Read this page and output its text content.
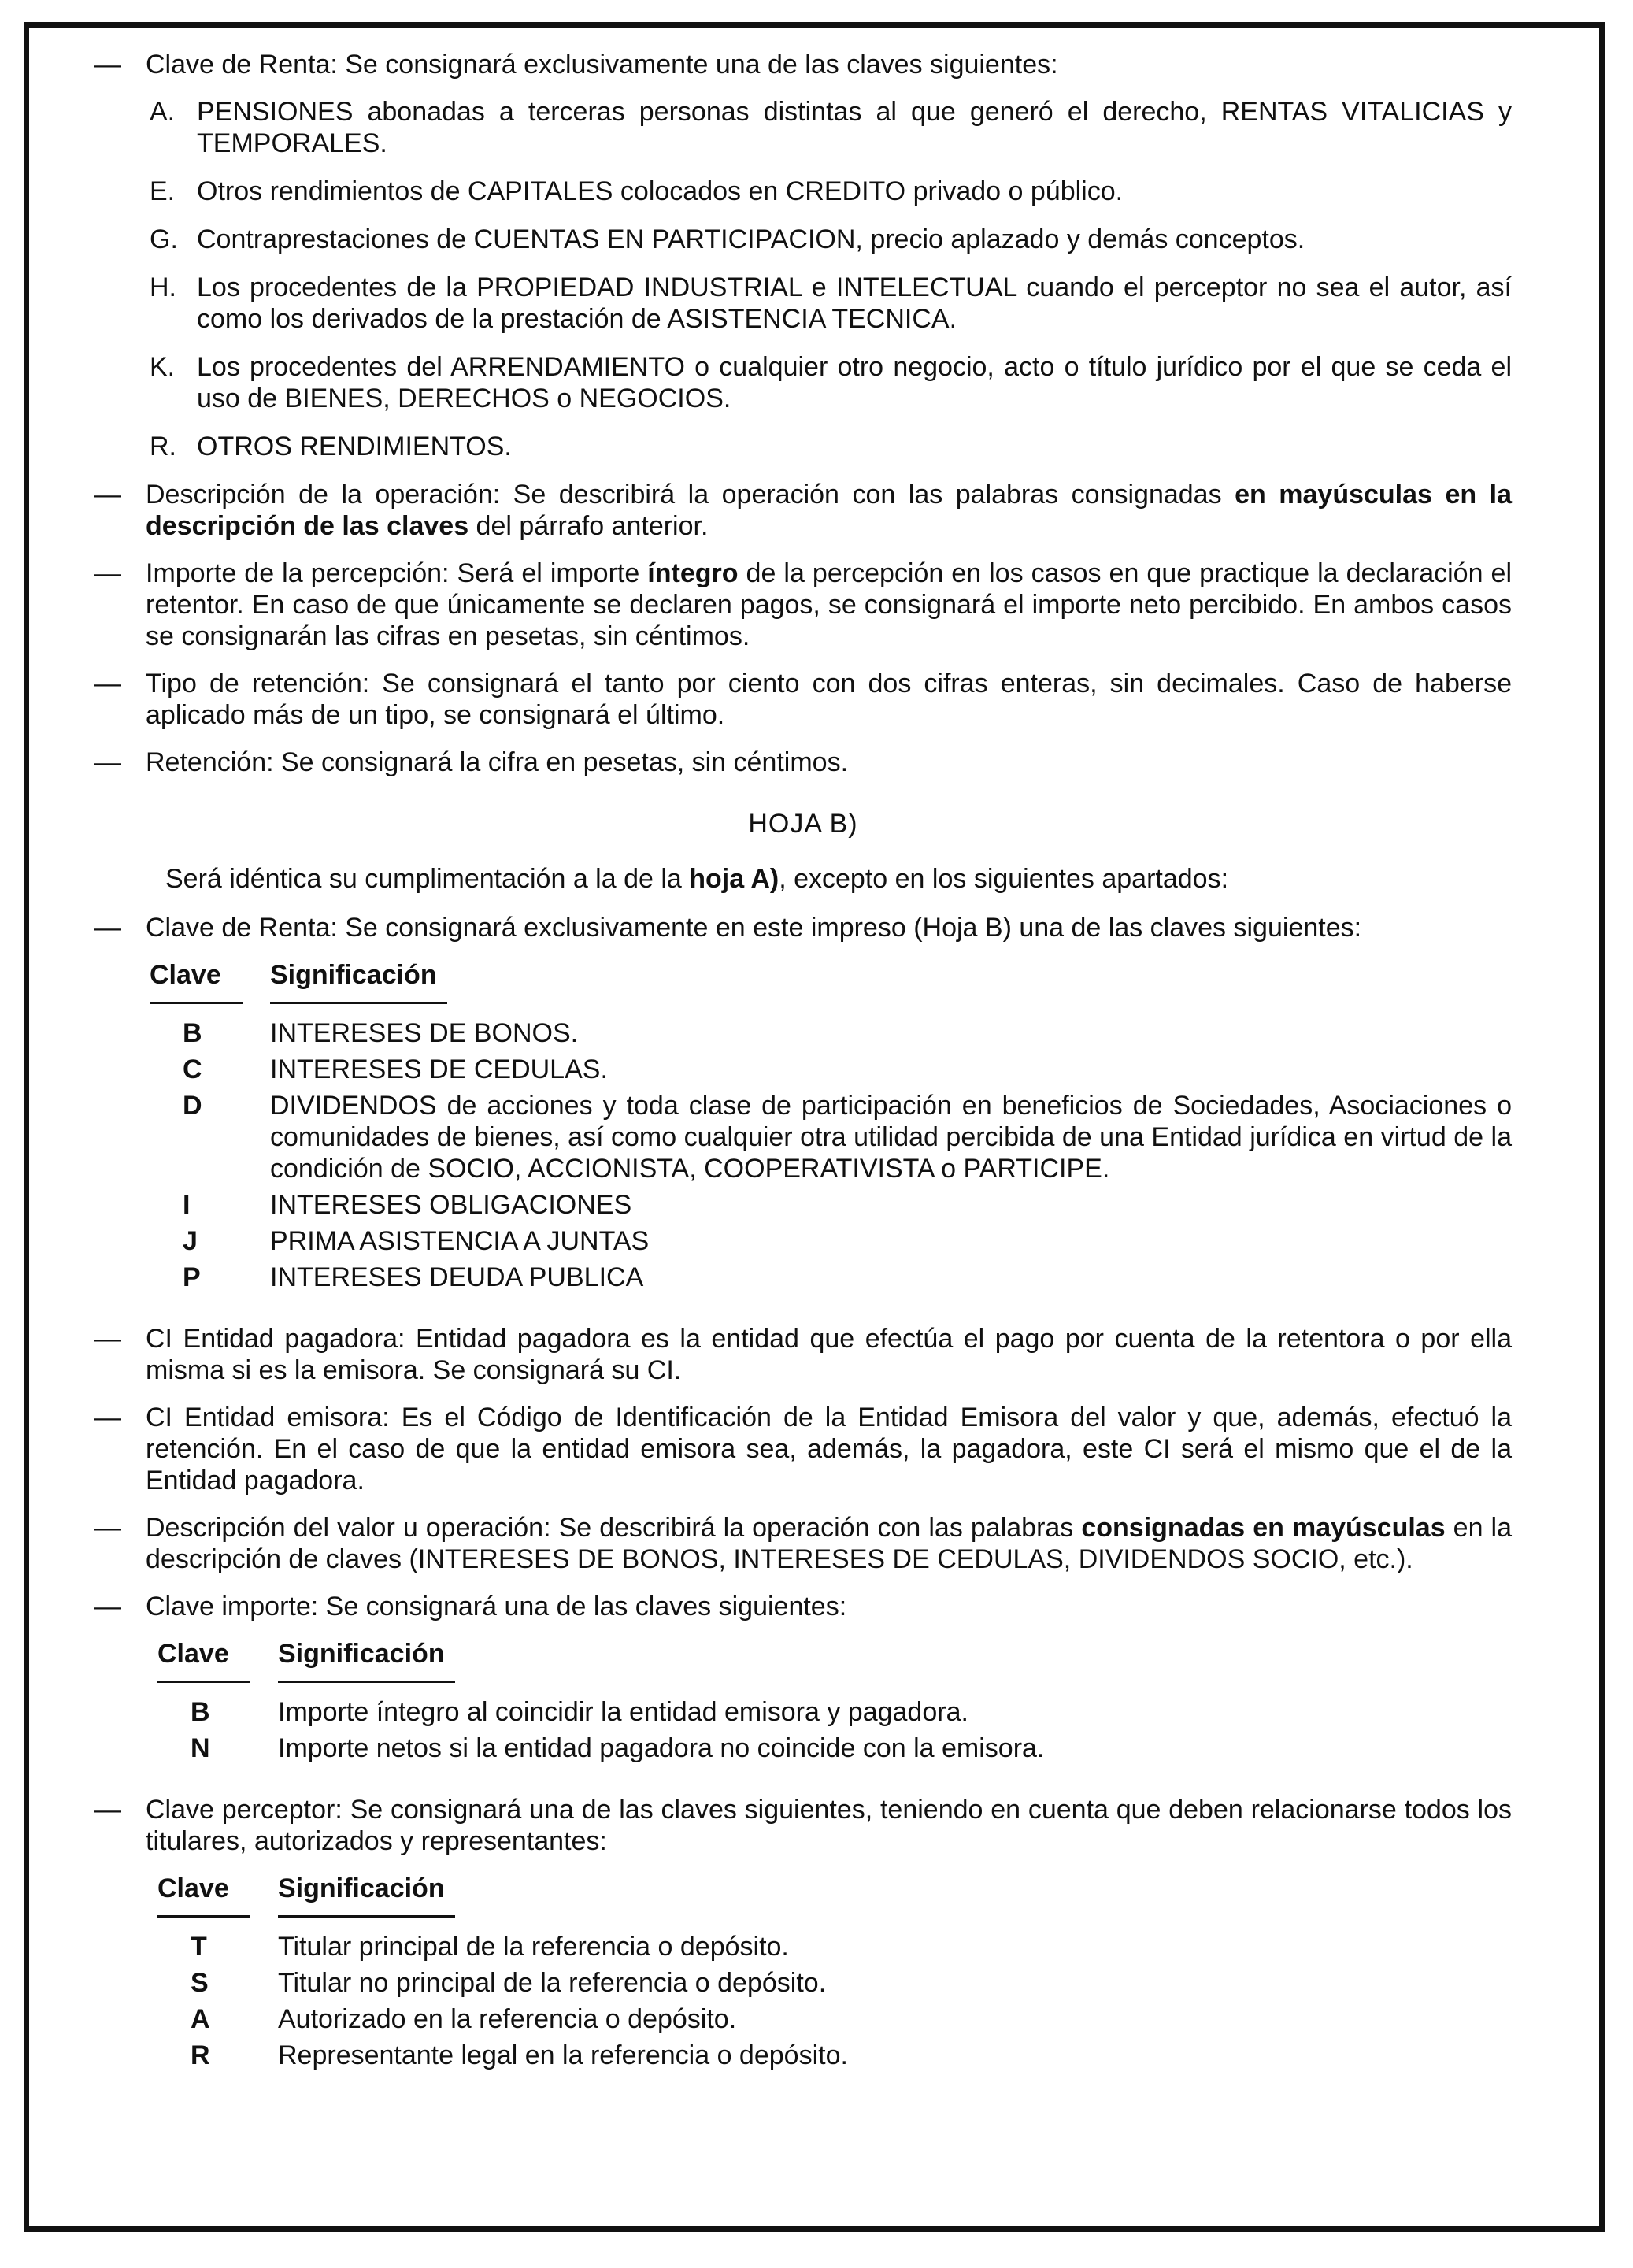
— Clave de Renta: Se consignará exclusivamente una de las claves siguientes:

A. PENSIONES abonadas a terceras personas distintas al que generó el derecho, RENTAS VITALICIAS y TEMPORALES.

E. Otros rendimientos de CAPITALES colocados en CREDITO privado o público.

G. Contraprestaciones de CUENTAS EN PARTICIPACION, precio aplazado y demás conceptos.

H. Los procedentes de la PROPIEDAD INDUSTRIAL e INTELECTUAL cuando el perceptor no sea el autor, así como los derivados de la prestación de ASISTENCIA TECNICA.

K. Los procedentes del ARRENDAMIENTO o cualquier otro negocio, acto o título jurídico por el que se ceda el uso de BIENES, DERECHOS o NEGOCIOS.

R. OTROS RENDIMIENTOS.

— Descripción de la operación: Se describirá la operación con las palabras consignadas en mayúsculas en la descripción de las claves del párrafo anterior.

— Importe de la percepción: Será el importe íntegro de la percepción en los casos en que practique la declaración el retentor. En caso de que únicamente se declaren pagos, se consignará el importe neto percibido. En ambos casos se consignarán las cifras en pesetas, sin céntimos.

— Tipo de retención: Se consignará el tanto por ciento con dos cifras enteras, sin decimales. Caso de haberse aplicado más de un tipo, se consignará el último.

— Retención: Se consignará la cifra en pesetas, sin céntimos.

HOJA B)

Será idéntica su cumplimentación a la de la hoja A), excepto en los siguientes apartados:

— Clave de Renta: Se consignará exclusivamente en este impreso (Hoja B) una de las claves siguientes:

Clave Significación

B	INTERESES DE BONOS.

C	INTERESES DE CEDULAS.

D	DIVIDENDOS de acciones y toda clase de participación en beneficios de Sociedades, Asociaciones o comunidades de bienes, así como cualquier otra utilidad percibida de una Entidad jurídica en virtud de la condición de SOCIO, ACCIONISTA, COOPERATIVISTA o PARTICIPE.

I	INTERESES OBLIGACIONES

J	PRIMA ASISTENCIA A JUNTAS

P	INTERESES DEUDA PUBLICA

— CI Entidad pagadora: Entidad pagadora es la entidad que efectúa el pago por cuenta de la retentora o por ella misma si es la emisora. Se consignará su CI.

— CI Entidad emisora: Es el Código de Identificación de la Entidad Emisora del valor y que, además, efectuó la retención. En el caso de que la entidad emisora sea, además, la pagadora, este CI será el mismo que el de la Entidad pagadora.

— Descripción del valor u operación: Se describirá la operación con las palabras consignadas en mayúsculas en la descripción de claves (INTERESES DE BONOS, INTERESES DE CEDULAS, DIVIDENDOS SOCIO, etc.).

— Clave importe: Se consignará una de las claves siguientes:

Clave Significación

B	Importe íntegro al coincidir la entidad emisora y pagadora.

N	Importe netos si la entidad pagadora no coincide con la emisora.

— Clave perceptor: Se consignará una de las claves siguientes, teniendo en cuenta que deben relacionarse todos los titulares, autorizados y representantes:

Clave Significación

T	Titular principal de la referencia o depósito.

S	Titular no principal de la referencia o depósito.

A	Autorizado en la referencia o depósito.

R	Representante legal en la referencia o depósito.
